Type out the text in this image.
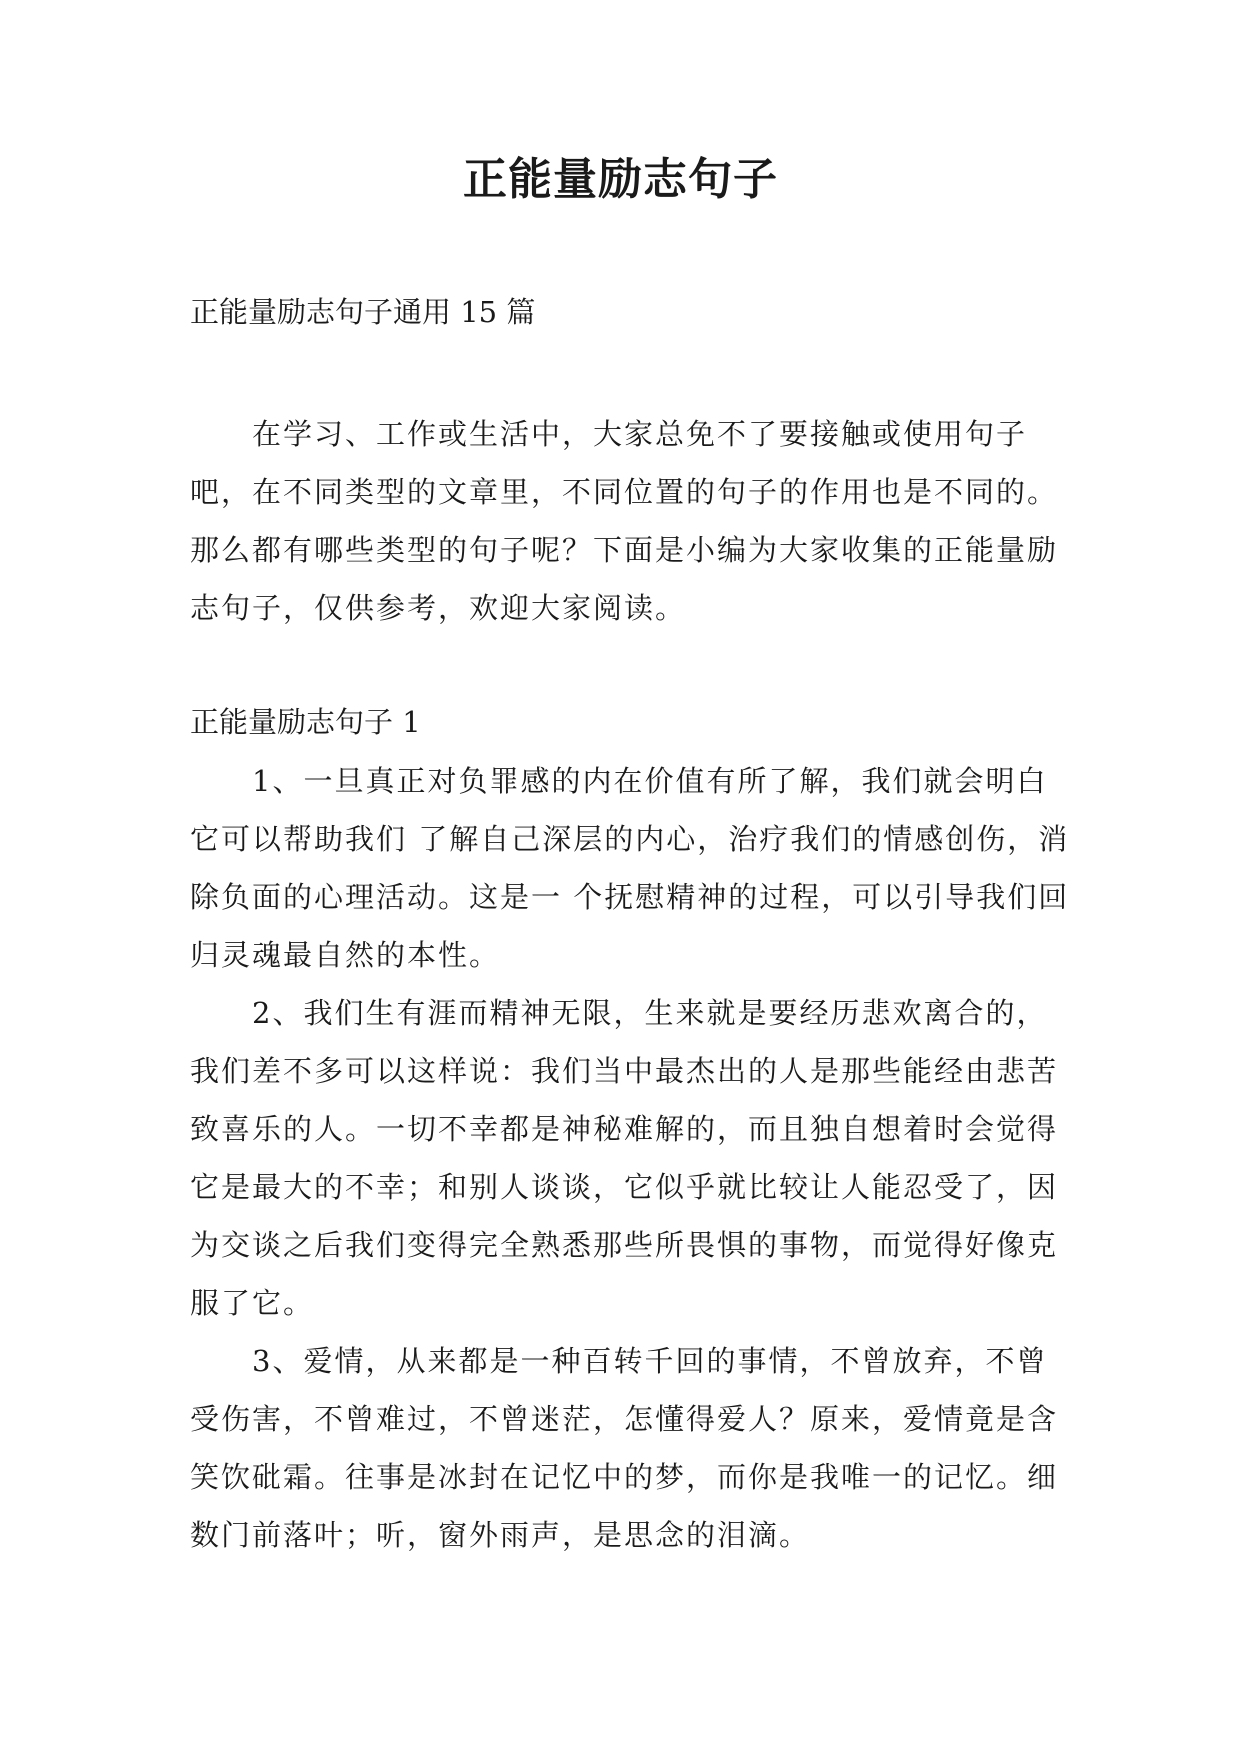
正能量励志句子

正能量励志句子通用 15 篇

在学习、工作或生活中，大家总免不了要接触或使用句子吧，在不同类型的文章里，不同位置的句子的作用也是不同的。那么都有哪些类型的句子呢？下面是小编为大家收集的正能量励志句子，仅供参考，欢迎大家阅读。

正能量励志句子 1

1、一旦真正对负罪感的内在价值有所了解，我们就会明白它可以帮助我们 了解自己深层的内心，治疗我们的情感创伤，消除负面的心理活动。这是一 个抚慰精神的过程，可以引导我们回归灵魂最自然的本性。

2、我们生有涯而精神无限，生来就是要经历悲欢离合的，我们差不多可以这样说：我们当中最杰出的人是那些能经由悲苦致喜乐的人。一切不幸都是神秘难解的，而且独自想着时会觉得它是最大的不幸；和别人谈谈，它似乎就比较让人能忍受了，因为交谈之后我们变得完全熟悉那些所畏惧的事物，而觉得好像克服了它。

3、爱情，从来都是一种百转千回的事情，不曾放弃，不曾受伤害，不曾难过，不曾迷茫，怎懂得爱人？原来，爱情竟是含笑饮砒霜。往事是冰封在记忆中的梦，而你是我唯一的记忆。细数门前落叶；听，窗外雨声，是思念的泪滴。
